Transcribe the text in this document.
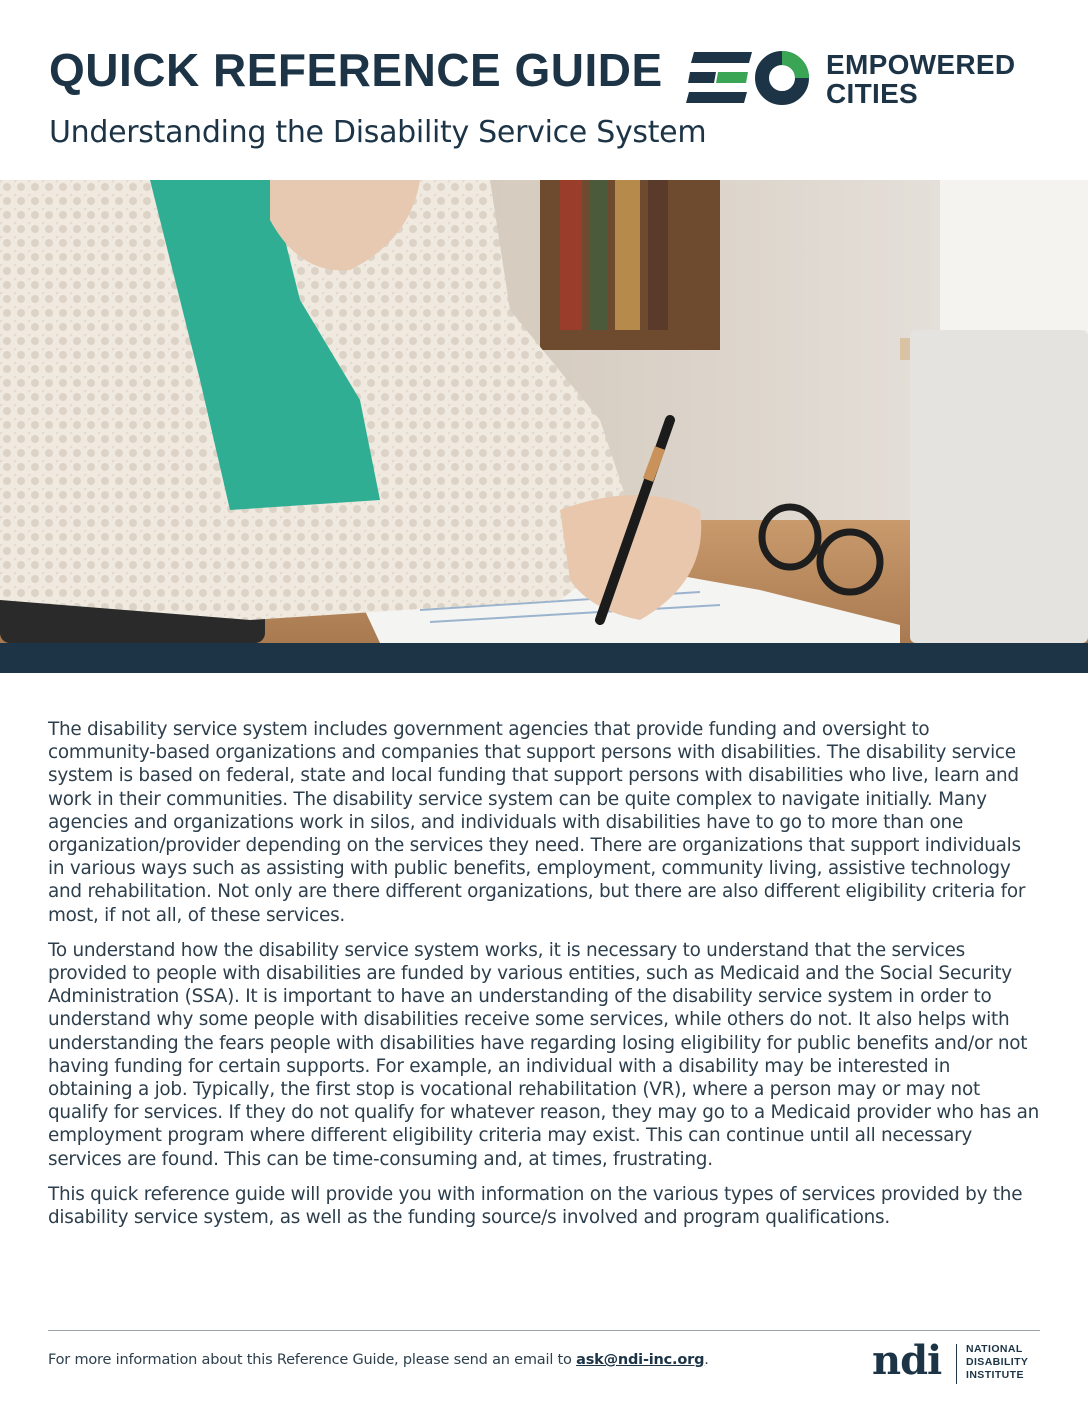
QUICK REFERENCE GUIDE
Understanding the Disability Service System
EMPOWERED
CITIES

The disability service system includes government agencies that provide funding and oversight to community-based organizations and companies that support persons with disabilities. The disability service system is based on federal, state and local funding that support persons with disabilities who live, learn and work in their communities. The disability service system can be quite complex to navigate initially. Many agencies and organizations work in silos, and individuals with disabilities have to go to more than one organization/provider depending on the services they need. There are organizations that support individuals in various ways such as assisting with public benefits, employment, community living, assistive technology and rehabilitation. Not only are there different organizations, but there are also different eligibility criteria for most, if not all, of these services.

To understand how the disability service system works, it is necessary to understand that the services provided to people with disabilities are funded by various entities, such as Medicaid and the Social Security Administration (SSA). It is important to have an understanding of the disability service system in order to understand why some people with disabilities receive some services, while others do not. It also helps with understanding the fears people with disabilities have regarding losing eligibility for public benefits and/or not having funding for certain supports. For example, an individual with a disability may be interested in obtaining a job. Typically, the first stop is vocational rehabilitation (VR), where a person may or may not qualify for services. If they do not qualify for whatever reason, they may go to a Medicaid provider who has an employment program where different eligibility criteria may exist. This can continue until all necessary services are found. This can be time-consuming and, at times, frustrating.

This quick reference guide will provide you with information on the various types of services provided by the disability service system, as well as the funding source/s involved and program qualifications.

For more information about this Reference Guide, please send an email to ask@ndi-inc.org.	ndi NATIONAL
DISABILITY
INSTITUTE
